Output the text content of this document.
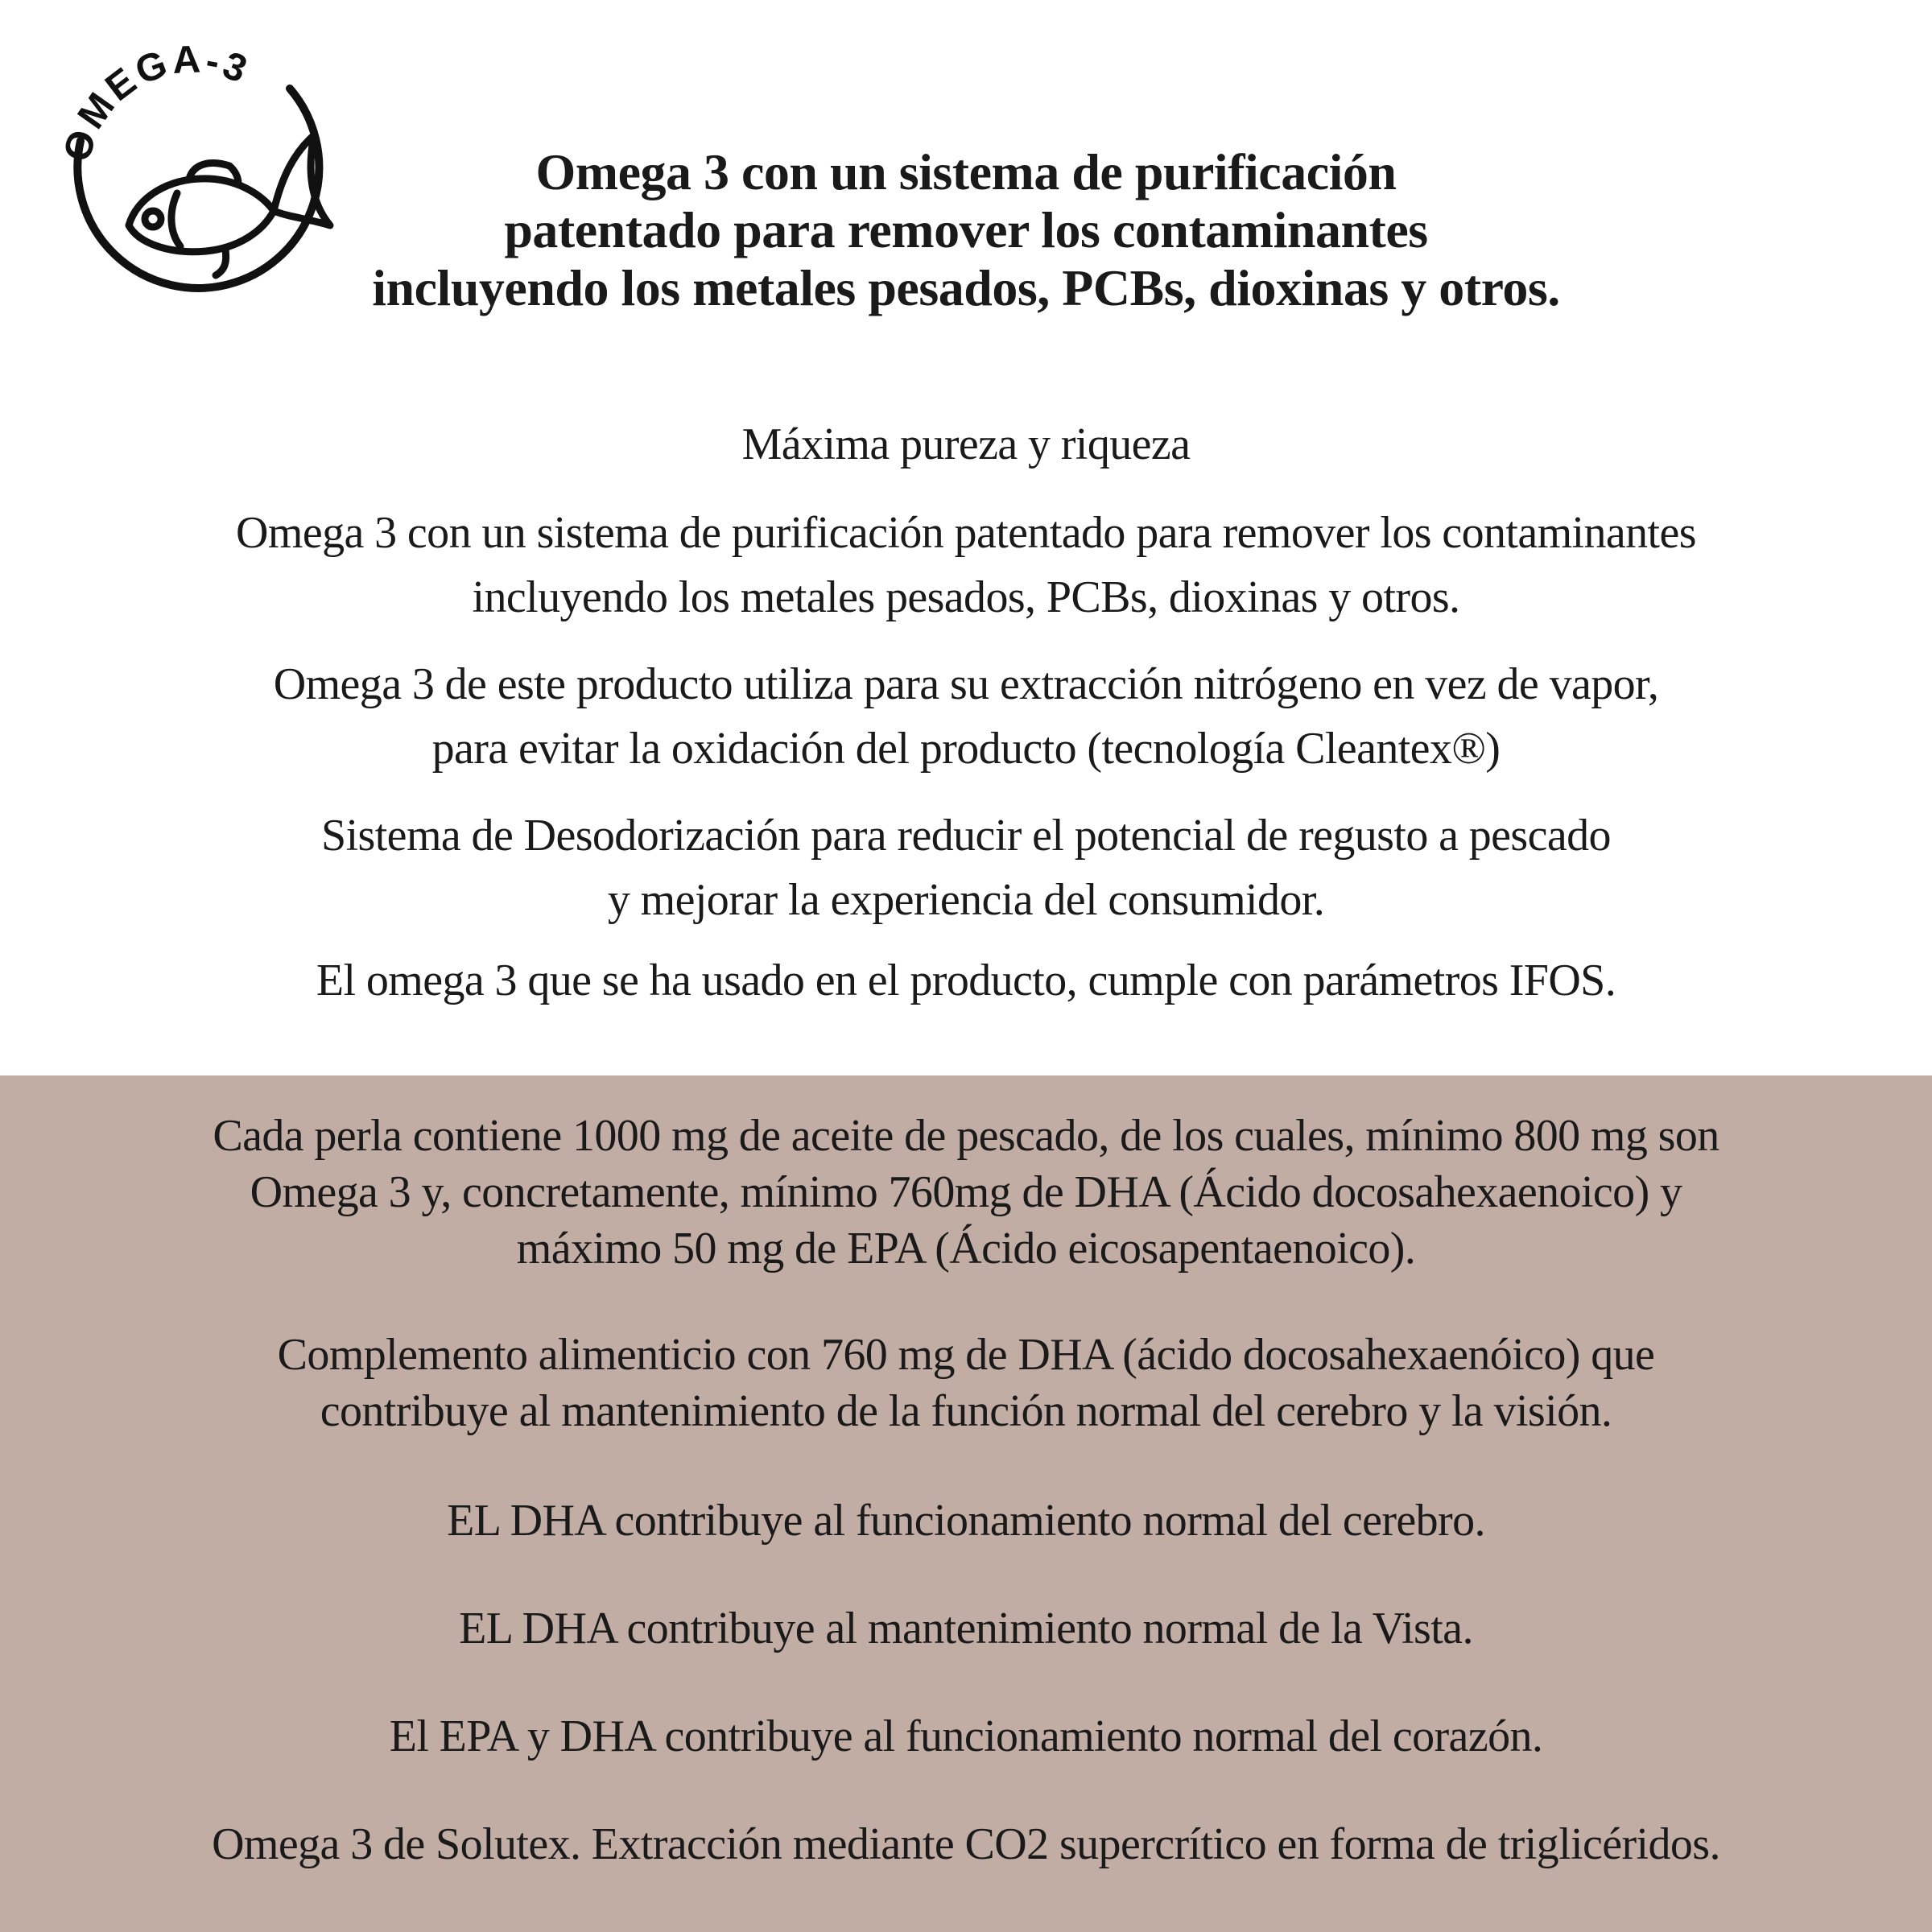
OMEGA-3
Omega 3 con un sistema de purificación
patentado para remover los contaminantes
incluyendo los metales pesados, PCBs, dioxinas y otros.
Máxima pureza y riqueza
Omega 3 con un sistema de purificación patentado para remover los contaminantes
incluyendo los metales pesados, PCBs, dioxinas y otros.
Omega 3 de este producto utiliza para su extracción nitrógeno en vez de vapor,
para evitar la oxidación del producto (tecnología Cleantex®)
Sistema de Desodorización para reducir el potencial de regusto a pescado
y mejorar la experiencia del consumidor.
El omega 3 que se ha usado en el producto, cumple con parámetros IFOS.
Cada perla contiene 1000 mg de aceite de pescado, de los cuales, mínimo 800 mg son
Omega 3 y, concretamente, mínimo 760mg de DHA (Ácido docosahexaenoico) y
máximo 50 mg de EPA (Ácido eicosapentaenoico).
Complemento alimenticio con 760 mg de DHA (ácido docosahexaenóico) que
contribuye al mantenimiento de la función normal del cerebro y la visión.
EL DHA contribuye al funcionamiento normal del cerebro.
EL DHA contribuye al mantenimiento normal de la Vista.
El EPA y DHA contribuye al funcionamiento normal del corazón.
Omega 3 de Solutex. Extracción mediante CO2 supercrítico en forma de triglicéridos.
